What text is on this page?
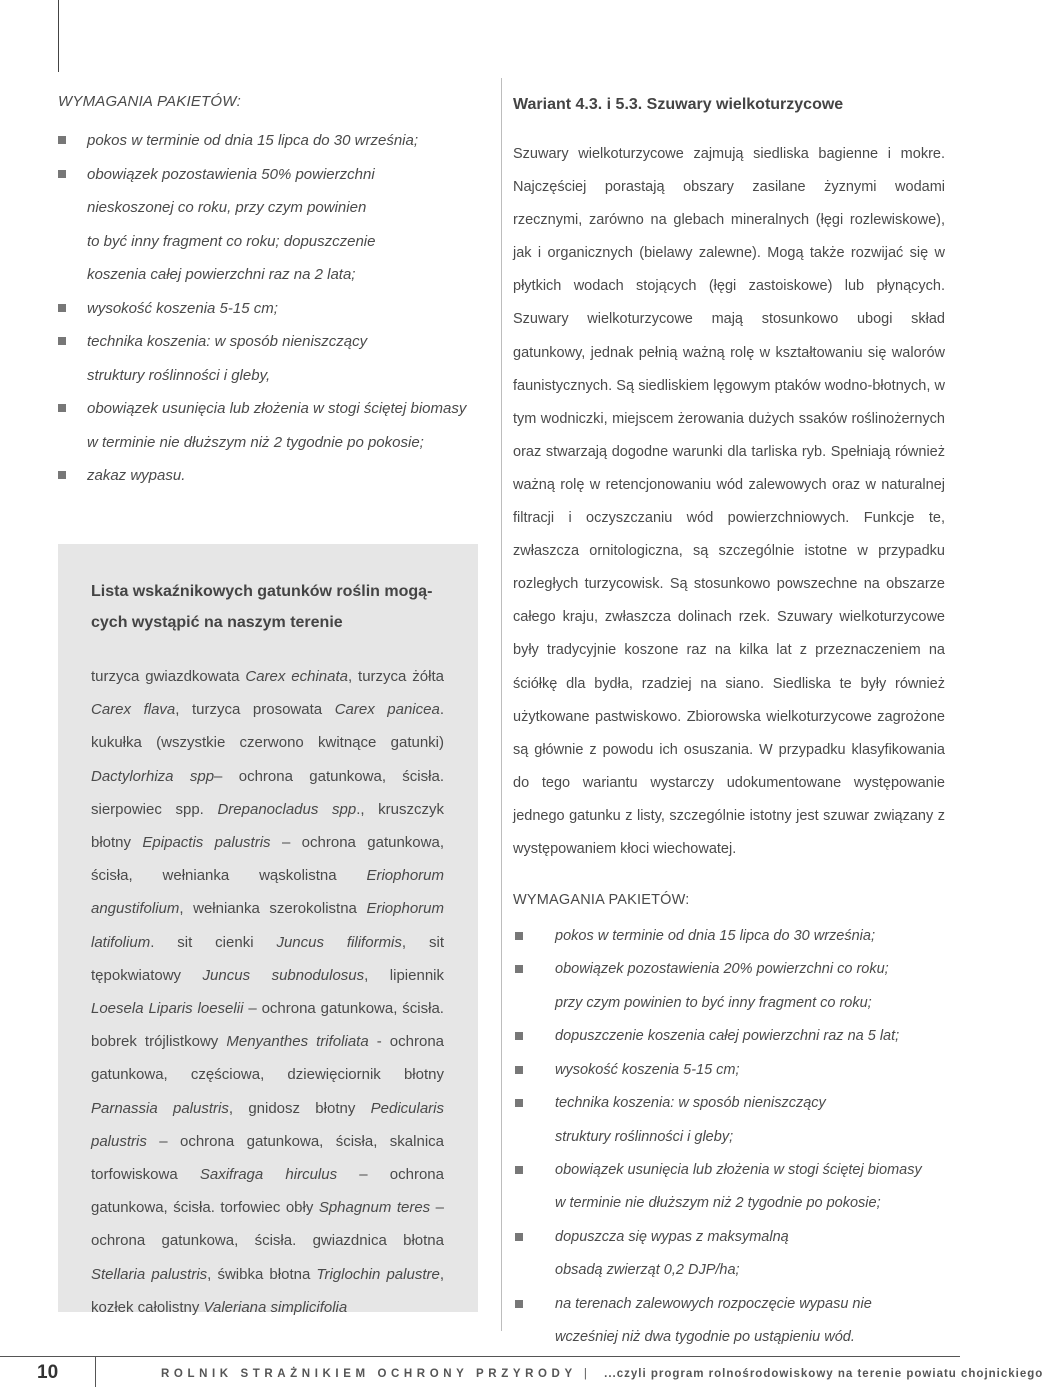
WYMAGANIA PAKIETÓW:

pokos w terminie od dnia 15 lipca do 30 września;
obowiązek pozostawienia 50% powierzchni
nieskoszonej co roku, przy czym powinien
to być inny fragment co roku; dopuszczenie
koszenia całej powierzchni raz na 2 lata;
wysokość koszenia 5-15 cm;
technika koszenia: w sposób nieniszczący
struktury roślinności i gleby,
obowiązek usunięcia lub złożenia w stogi ściętej biomasy
w terminie nie dłuższym niż 2 tygodnie po pokosie;
zakaz wypasu.

Lista wskaźnikowych gatunków roślin mogą-
cych wystąpić na naszym terenie

turzyca gwiazdkowata Carex echinata, turzyca żółta Carex flava, turzyca prosowata Carex panicea. kukułka (wszystkie czerwono kwitnące gatunki) Dactylorhiza spp– ochrona gatunkowa, ścisła. sierpowiec spp. Drepanocladus spp., kruszczyk błotny Epipactis palustris – ochrona gatunkowa, ścisła, wełnianka wąskolistna Eriophorum angustifolium, wełnianka szerokolistna Eriophorum latifolium. sit cienki Juncus filiformis, sit tępokwiatowy Juncus subnodulosus, lipiennik Loesela Liparis loeselii – ochrona gatunkowa, ścisła. bobrek trójlistkowy Menyanthes trifoliata - ochrona gatunkowa, częściowa, dziewięciornik błotny Parnassia palustris, gnidosz błotny Pedicularis palustris – ochrona gatunkowa, ścisła, skalnica torfowiskowa Saxifraga hirculus – ochrona gatunkowa, ścisła. torfowiec obły Sphagnum teres – ochrona gatunkowa, ścisła. gwiazdnica błotna Stellaria palustris, świbka błotna Triglochin palustre, kozłek całolistny Valeriana simplicifolia

Wariant 4.3. i 5.3. Szuwary wielkoturzycowe

Szuwary wielkoturzycowe zajmują siedliska bagienne i mokre. Najczęściej porastają obszary zasilane żyznymi wodami rzecznymi, zarówno na glebach mineralnych (łęgi rozlewiskowe), jak i organicznych (bielawy zalewne). Mogą także rozwijać się w płytkich wodach stojących (łęgi zastoiskowe) lub płynących. Szuwary wielkoturzycowe mają stosunkowo ubogi skład gatunkowy, jednak pełnią ważną rolę w kształtowaniu się walorów faunistycznych. Są siedliskiem lęgowym ptaków wodno-błotnych, w tym wodniczki, miejscem żerowania dużych ssaków roślinożernych oraz stwarzają dogodne warunki dla tarliska ryb. Spełniają również ważną rolę w retencjonowaniu wód zalewowych oraz w naturalnej filtracji i oczyszczaniu wód powierzchniowych. Funkcje te, zwłaszcza ornitologiczna, są szczególnie istotne w przypadku rozległych turzycowisk. Są stosunkowo powszechne na obszarze całego kraju, zwłaszcza dolinach rzek. Szuwary wielkoturzycowe były tradycyjnie koszone raz na kilka lat z przeznaczeniem na ściółkę dla bydła, rzadziej na siano. Siedliska te były również użytkowane pastwiskowo. Zbiorowska wielkoturzycowe zagrożone są głównie z powodu ich osuszania. W przypadku klasyfikowania do tego wariantu wystarczy udokumentowane występowanie jednego gatunku z listy, szczególnie istotny jest szuwar związany z występowaniem kłoci wiechowatej.

WYMAGANIA PAKIETÓW:

pokos w terminie od dnia 15 lipca do 30 września;
obowiązek pozostawienia 20% powierzchni co roku;
przy czym powinien to być inny fragment co roku;
dopuszczenie koszenia całej powierzchni raz na 5 lat;
wysokość koszenia 5-15 cm;
technika koszenia: w sposób nieniszczący
struktury roślinności i gleby;
obowiązek usunięcia lub złożenia w stogi ściętej biomasy
w terminie nie dłuższym niż 2 tygodnie po pokosie;
dopuszcza się wypas z maksymalną
obsadą zwierząt 0,2 DJP/ha;
na terenach zalewowych rozpoczęcie wypasu nie
wcześniej niż dwa tygodnie po ustąpieniu wód.
10	ROLNIK STRAŻNIKIEM OCHRONY PRZYRODY | ...czyli program rolnośrodowiskowy na terenie powiatu chojnickiego
